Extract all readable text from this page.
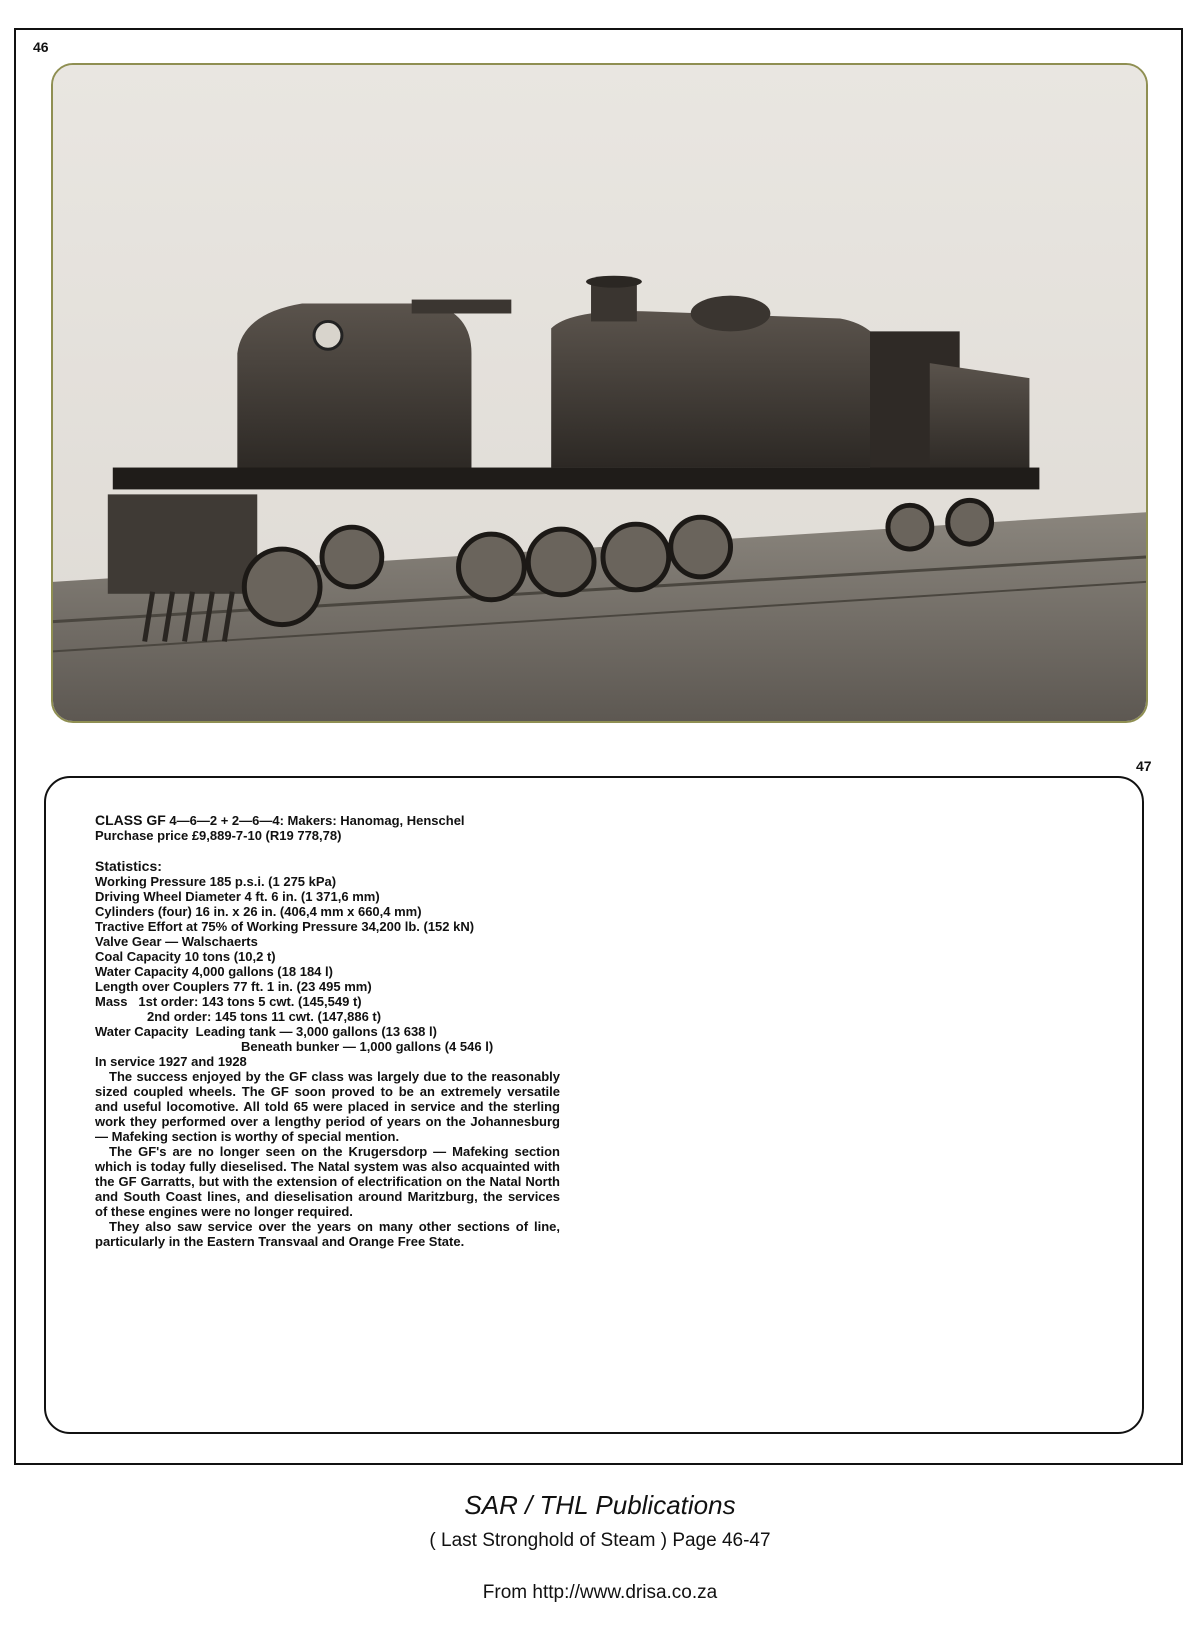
46
47
CLASS GF 4—6—2 + 2—6—4: Makers: Hanomag, Henschel
Purchase price £9,889-7-10 (R19 778,78)
Statistics:
Working Pressure 185 p.s.i. (1 275 kPa)
Driving Wheel Diameter 4 ft. 6 in. (1 371,6 mm)
Cylinders (four) 16 in. x 26 in. (406,4 mm x 660,4 mm)
Tractive Effort at 75% of Working Pressure 34,200 lb. (152 kN)
Valve Gear — Walschaerts
Coal Capacity 10 tons (10,2 t)
Water Capacity 4,000 gallons (18 184 l)
Length over Couplers 77 ft. 1 in. (23 495 mm)
Mass   1st order: 143 tons 5 cwt. (145,549 t)
2nd order: 145 tons 11 cwt. (147,886 t)
Water Capacity  Leading tank — 3,000 gallons (13 638 l)
Beneath bunker — 1,000 gallons (4 546 l)
In service 1927 and 1928
The success enjoyed by the GF class was largely due to the reasonably sized coupled wheels. The GF soon proved to be an extremely versatile and useful locomotive. All told 65 were placed in service and the sterling work they performed over a lengthy period of years on the Johannesburg — Mafeking section is worthy of special mention.
The GF's are no longer seen on the Krugersdorp — Mafeking section which is today fully dieselised. The Natal system was also acquainted with the GF Garratts, but with the extension of electrification on the Natal North and South Coast lines, and dieselisation around Maritzburg, the services of these engines were no longer required.
They also saw service over the years on many other sections of line, particularly in the Eastern Transvaal and Orange Free State.
SAR / THL Publications
( Last Stronghold of Steam ) Page 46-47
From http://www.drisa.co.za
